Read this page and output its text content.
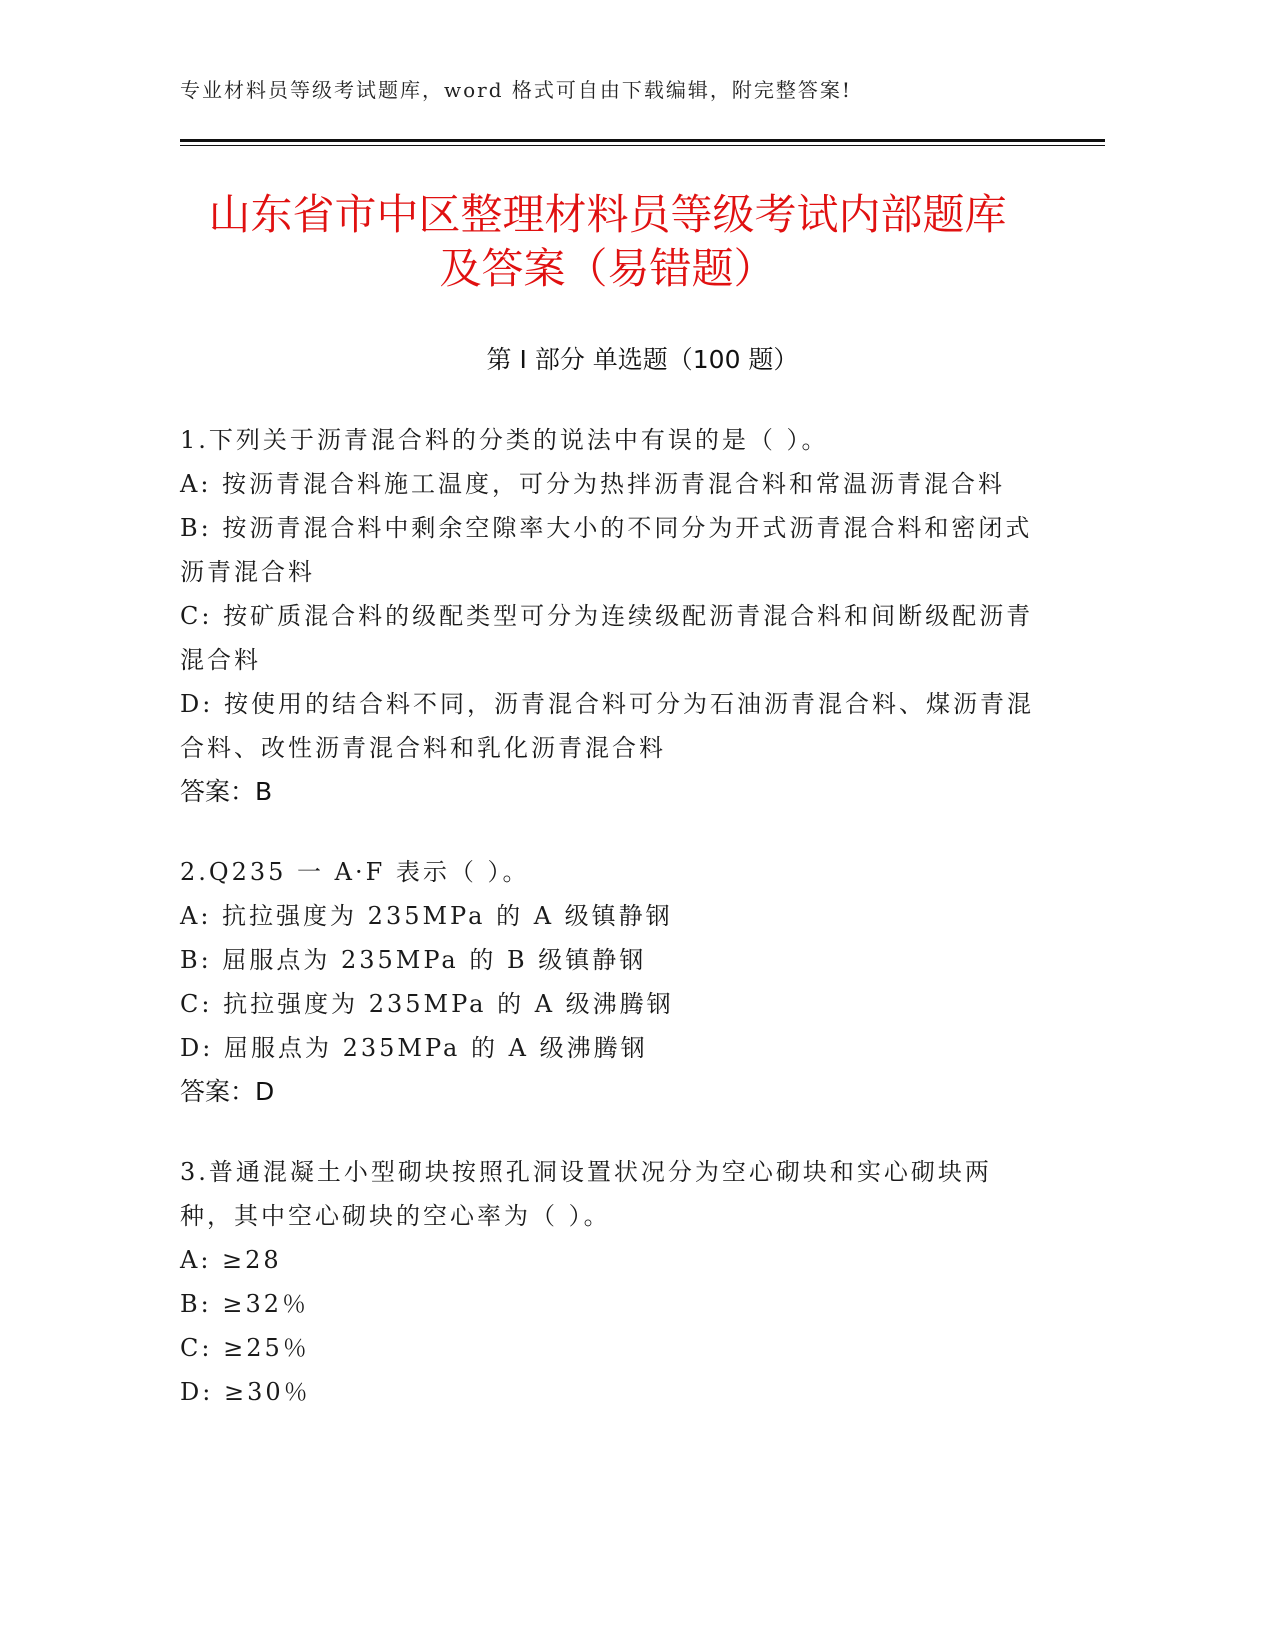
专业材料员等级考试题库，word 格式可自由下载编辑，附完整答案!
山东省市中区整理材料员等级考试内部题库
及答案（易错题）
第 I 部分 单选题（100 题）

1.下列关于沥青混合料的分类的说法中有误的是（ ）。

A: 按沥青混合料施工温度，可分为热拌沥青混合料和常温沥青混合料

B: 按沥青混合料中剩余空隙率大小的不同分为开式沥青混合料和密闭式沥青混合料

C: 按矿质混合料的级配类型可分为连续级配沥青混合料和间断级配沥青混合料

D: 按使用的结合料不同，沥青混合料可分为石油沥青混合料、煤沥青混合料、改性沥青混合料和乳化沥青混合料

答案：B

2.Q235 一 A·F 表示（ ）。

A: 抗拉强度为 235MPa 的 A 级镇静钢

B: 屈服点为 235MPa 的 B 级镇静钢

C: 抗拉强度为 235MPa 的 A 级沸腾钢

D: 屈服点为 235MPa 的 A 级沸腾钢

答案：D

3.普通混凝土小型砌块按照孔洞设置状况分为空心砌块和实心砌块两种，其中空心砌块的空心率为（ ）。

A: ≥28

B: ≥32％

C: ≥25％

D: ≥30％
